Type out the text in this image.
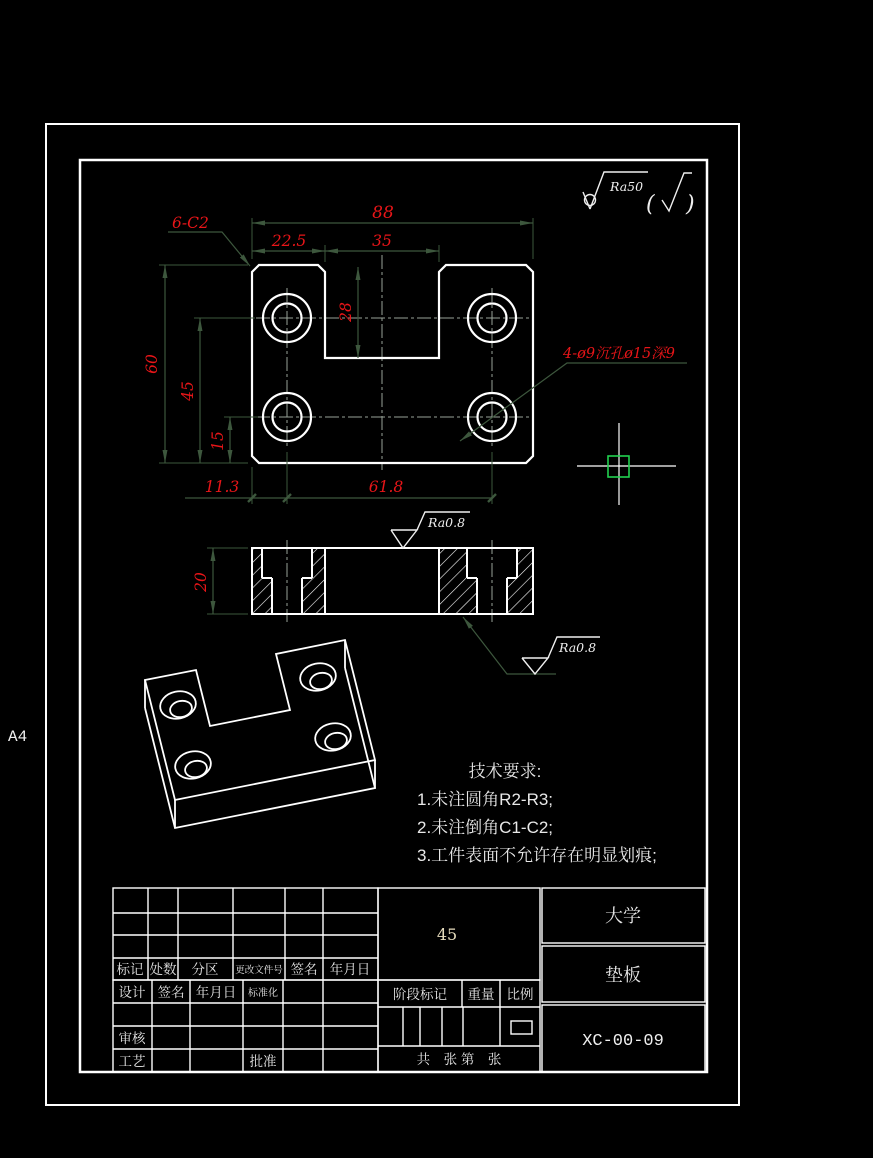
A4
Ra50
( )
88
22.5	35
6-C2
60
45
15
28
11.3	61.8
4-ø9沉孔ø15深9
20
Ra0.8
Ra0.8
技术要求:
1.未注圆角R2-R3;
2.未注倒角C1-C2;
3.工件表面不允许存在明显划痕;
标记 处数 分区 更改文件号 签名 年月日
设计 签名 年月日 标准化
审核
工艺	批准
45
阶段标记 重量 比例
共　张 第　张
大学
垫板
XC-00-09
